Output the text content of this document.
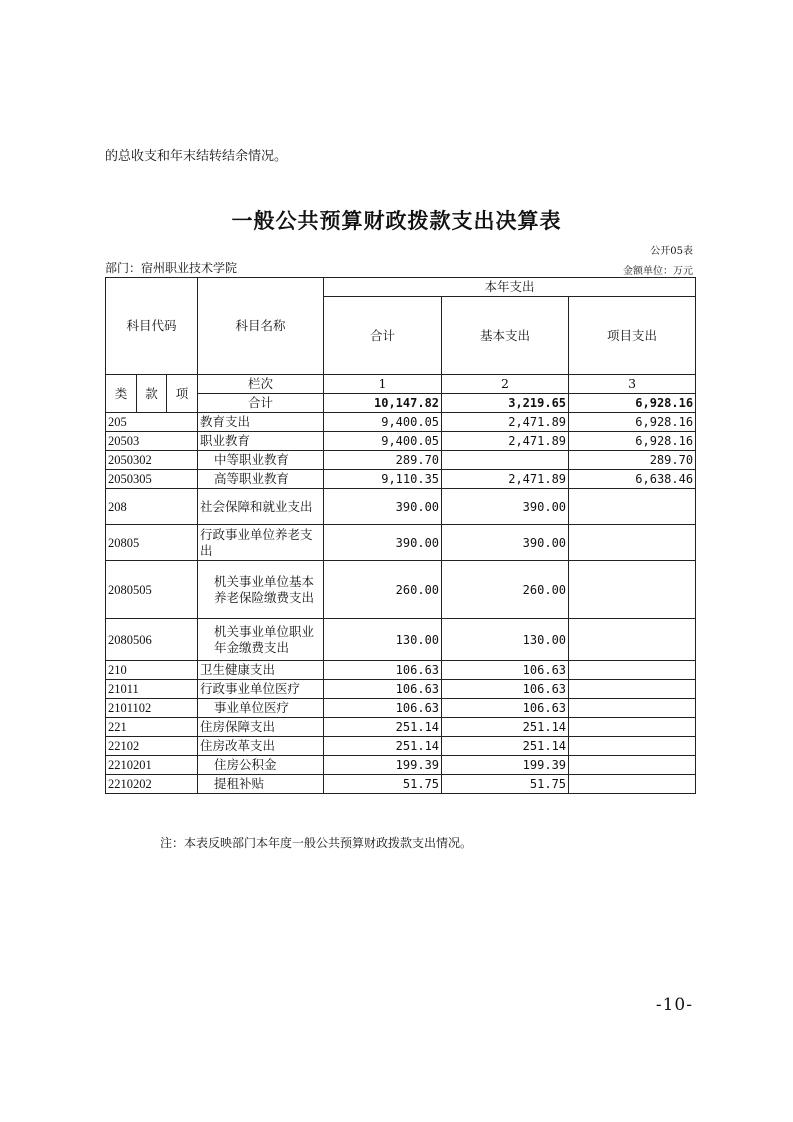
的总收支和年末结转结余情况。
一般公共预算财政拨款支出决算表
公开05表
部门：宿州职业技术学院	金额单位：万元
科目代码			科目名称	本年支出		
				合计	基本支出	项目支出
类	款	项	栏次	1	2	3
			合计	10,147.82	3,219.65	6,928.16
205			教育支出	9,400.05	2,471.89	6,928.16
20503			职业教育	9,400.05	2,471.89	6,928.16
2050302			中等职业教育	289.70		289.70
2050305			高等职业教育	9,110.35	2,471.89	6,638.46
208			社会保障和就业支出	390.00	390.00	
20805			行政事业单位养老支出	390.00	390.00	
2080505			机关事业单位基本养老保险缴费支出	260.00	260.00	
2080506			机关事业单位职业年金缴费支出	130.00	130.00	
210			卫生健康支出	106.63	106.63	
21011			行政事业单位医疗	106.63	106.63	
2101102			事业单位医疗	106.63	106.63	
221			住房保障支出	251.14	251.14	
22102			住房改革支出	251.14	251.14	
2210201			住房公积金	199.39	199.39	
2210202			提租补贴	51.75	51.75	
注：本表反映部门本年度一般公共预算财政拨款支出情况。
-10-
